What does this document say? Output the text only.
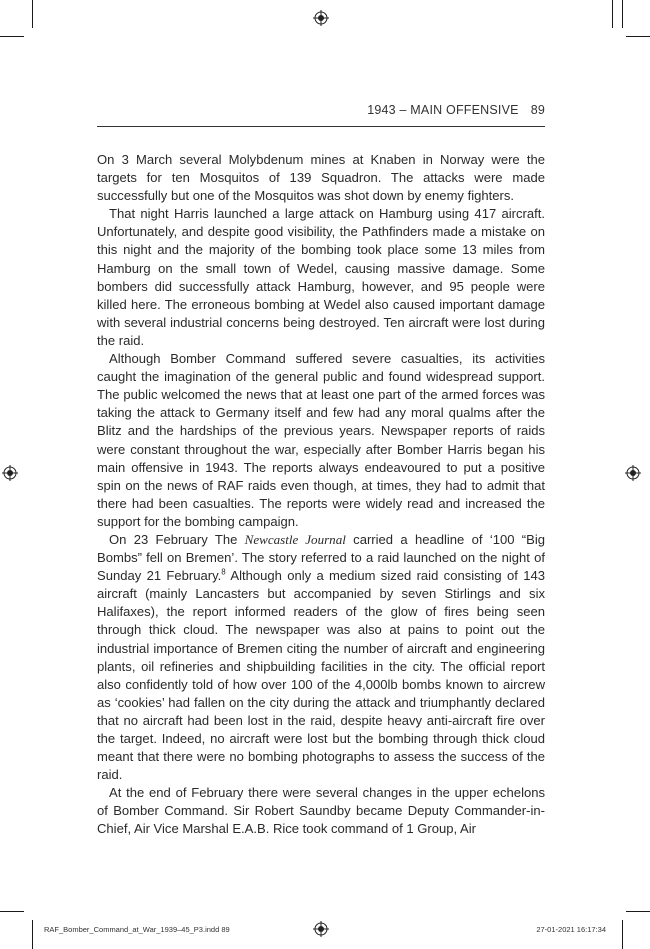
1943 – MAIN OFFENSIVE 89

On 3 March several Molybdenum mines at Knaben in Norway were the targets for ten Mosquitos of 139 Squadron. The attacks were made successfully but one of the Mosquitos was shot down by enemy fighters.

That night Harris launched a large attack on Hamburg using 417 aircraft. Unfortunately, and despite good visibility, the Pathfinders made a mistake on this night and the majority of the bombing took place some 13 miles from Hamburg on the small town of Wedel, causing massive damage. Some bombers did successfully attack Hamburg, however, and 95 people were killed here. The erroneous bombing at Wedel also caused important damage with several industrial concerns being destroyed. Ten aircraft were lost during the raid.

Although Bomber Command suffered severe casualties, its activities caught the imagination of the general public and found widespread support. The public welcomed the news that at least one part of the armed forces was taking the attack to Germany itself and few had any moral qualms after the Blitz and the hardships of the previous years. Newspaper reports of raids were constant throughout the war, especially after Bomber Harris began his main offensive in 1943. The reports always endeavoured to put a positive spin on the news of RAF raids even though, at times, they had to admit that there had been casualties. The reports were widely read and increased the support for the bombing campaign.

On 23 February The Newcastle Journal carried a headline of ‘100 “Big Bombs” fell on Bremen’. The story referred to a raid launched on the night of Sunday 21 February.$^8$ Although only a medium sized raid consisting of 143 aircraft (mainly Lancasters but accompanied by seven Stirlings and six Halifaxes), the report informed readers of the glow of fires being seen through thick cloud. The newspaper was also at pains to point out the industrial importance of Bremen citing the number of aircraft and engineering plants, oil refineries and shipbuilding facilities in the city. The official report also confidently told of how over 100 of the 4,000lb bombs known to aircrew as ‘cookies’ had fallen on the city during the attack and triumphantly declared that no aircraft had been lost in the raid, despite heavy anti-aircraft fire over the target. Indeed, no aircraft were lost but the bombing through thick cloud meant that there were no bombing photographs to assess the success of the raid.

At the end of February there were several changes in the upper echelons of Bomber Command. Sir Robert Saundby became Deputy Commander-in-Chief, Air Vice Marshal E.A.B. Rice took command of 1 Group, Air

RAF_Bomber_Command_at_War_1939–45_P3.indd 89	27-01-2021 16:17:34
